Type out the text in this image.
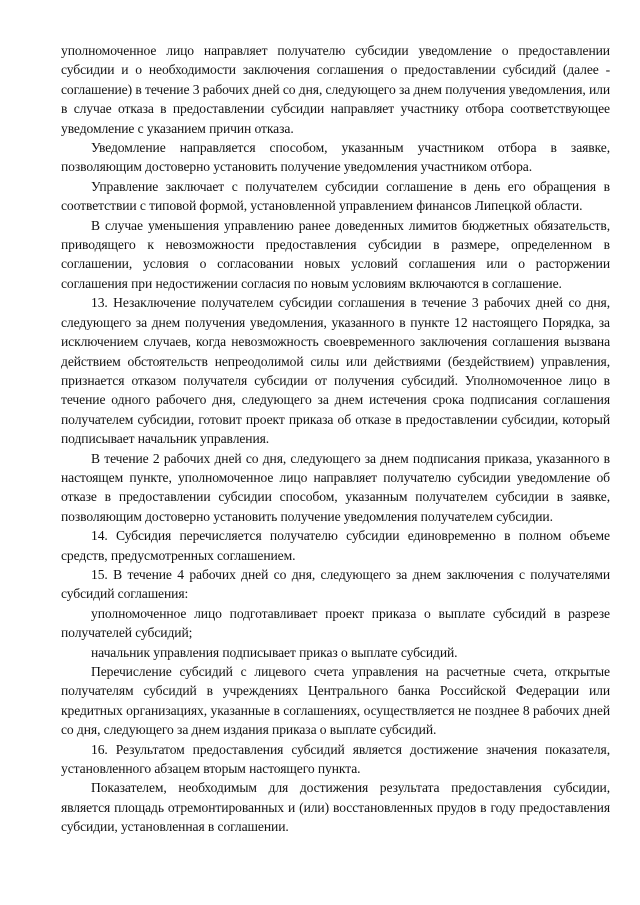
уполномоченное лицо направляет получателю субсидии уведомление о предоставлении субсидии и о необходимости заключения соглашения о предоставлении субсидий (далее - соглашение) в течение 3 рабочих дней со дня, следующего за днем получения уведомления, или в случае отказа в предоставлении субсидии направляет участнику отбора соответствующее уведомление с указанием причин отказа.

Уведомление направляется способом, указанным участником отбора в заявке, позволяющим достоверно установить получение уведомления участником отбора.

Управление заключает с получателем субсидии соглашение в день его обращения в соответствии с типовой формой, установленной управлением финансов Липецкой области.

В случае уменьшения управлению ранее доведенных лимитов бюджетных обязательств, приводящего к невозможности предоставления субсидии в размере, определенном в соглашении, условия о согласовании новых условий соглашения или о расторжении соглашения при недостижении согласия по новым условиям включаются в соглашение.

13. Незаключение получателем субсидии соглашения в течение 3 рабочих дней со дня, следующего за днем получения уведомления, указанного в пункте 12 настоящего Порядка, за исключением случаев, когда невозможность своевременного заключения соглашения вызвана действием обстоятельств непреодолимой силы или действиями (бездействием) управления, признается отказом получателя субсидии от получения субсидий. Уполномоченное лицо в течение одного рабочего дня, следующего за днем истечения срока подписания соглашения получателем субсидии, готовит проект приказа об отказе в предоставлении субсидии, который подписывает начальник управления.

В течение 2 рабочих дней со дня, следующего за днем подписания приказа, указанного в настоящем пункте, уполномоченное лицо направляет получателю субсидии уведомление об отказе в предоставлении субсидии способом, указанным получателем субсидии в заявке, позволяющим достоверно установить получение уведомления получателем субсидии.

14. Субсидия перечисляется получателю субсидии единовременно в полном объеме средств, предусмотренных соглашением.

15. В течение 4 рабочих дней со дня, следующего за днем заключения с получателями субсидий соглашения:

уполномоченное лицо подготавливает проект приказа о выплате субсидий в разрезе получателей субсидий;

начальник управления подписывает приказ о выплате субсидий.

Перечисление субсидий с лицевого счета управления на расчетные счета, открытые получателям субсидий в учреждениях Центрального банка Российской Федерации или кредитных организациях, указанные в соглашениях, осуществляется не позднее 8 рабочих дней со дня, следующего за днем издания приказа о выплате субсидий.

16. Результатом предоставления субсидий является достижение значения показателя, установленного абзацем вторым настоящего пункта.

Показателем, необходимым для достижения результата предоставления субсидии, является площадь отремонтированных и (или) восстановленных прудов в году предоставления субсидии, установленная в соглашении.
